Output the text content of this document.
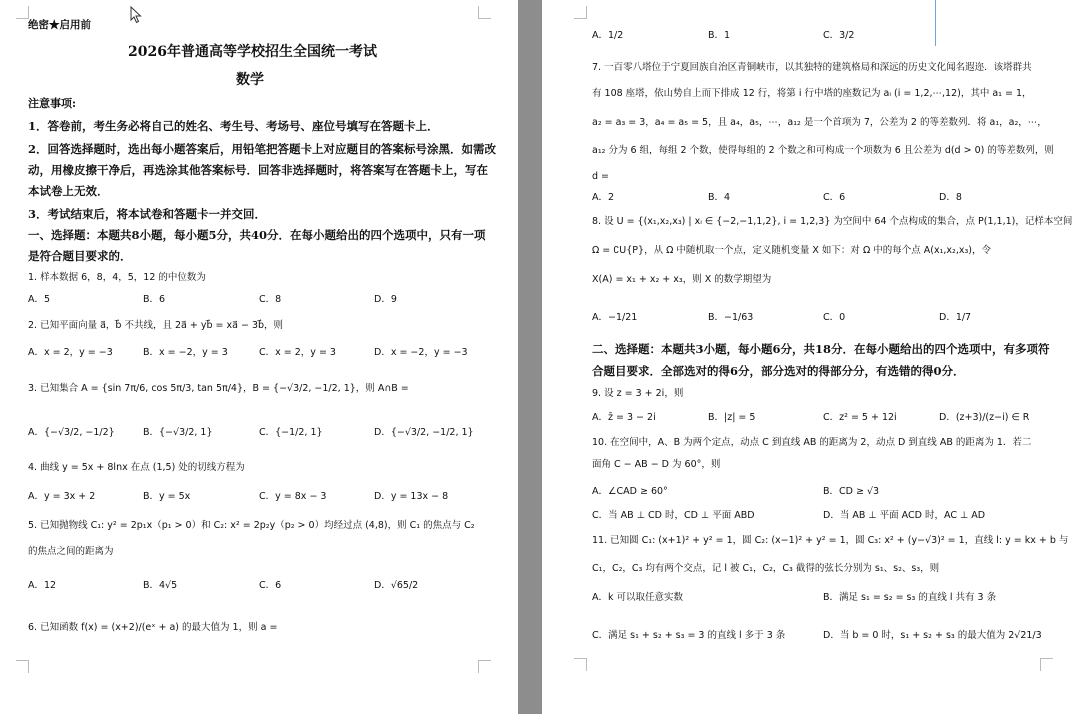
绝密★启用前
2026年普通高等学校招生全国统一考试
数学
注意事项:
1．答卷前，考生务必将自己的姓名、考生号、考场号、座位号填写在答题卡上．
2．回答选择题时，选出每小题答案后，用铅笔把答题卡上对应题目的答案标号涂黑．如需改
动，用橡皮擦干净后，再选涂其他答案标号．回答非选择题时，将答案写在答题卡上，写在
本试卷上无效．
3．考试结束后，将本试卷和答题卡一并交回．
一、选择题：本题共8小题，每小题5分，共40分．在每小题给出的四个选项中，只有一项
是符合题目要求的．
1. 样本数据 6，8，4，5，12 的中位数为
A．5	B．6	C．8	D．9
2. 已知平面向量 a⃗，b⃗ 不共线，且 2a⃗ + yb⃗ = xa⃗ − 3b⃗，则
A．x = 2，y = −3	B．x = −2，y = 3	C．x = 2，y = 3	D．x = −2，y = −3
3. 已知集合 A = {sin 7π/6, cos 5π/3, tan 5π/4}，B = {−√3/2, −1/2, 1}，则 A∩B =
A．{−√3/2, −1/2}	B．{−√3/2, 1}	C．{−1/2, 1}	D．{−√3/2, −1/2, 1}
4. 曲线 y = 5x + 8lnx 在点 (1,5) 处的切线方程为
A．y = 3x + 2	B．y = 5x	C．y = 8x − 3	D．y = 13x − 8
5. 已知抛物线 C₁: y² = 2p₁x（p₁ > 0）和 C₂: x² = 2p₂y（p₂ > 0）均经过点 (4,8)，则 C₁ 的焦点与 C₂
的焦点之间的距离为
A．12	B．4√5	C．6	D．√65/2
6. 已知函数 f(x) = (x+2)/(eˣ + a) 的最大值为 1，则 a =
A．1/2	B．1	C．3/2
7. 一百零八塔位于宁夏回族自治区青铜峡市，以其独特的建筑格局和深远的历史文化闻名遐迩．该塔群共
有 108 座塔，依山势自上而下排成 12 行，将第 i 行中塔的座数记为 aᵢ (i = 1,2,⋯,12)，其中 a₁ = 1，
a₂ = a₃ = 3，a₄ = a₅ = 5，且 a₄，a₅，⋯，a₁₂ 是一个首项为 7，公差为 2 的等差数列．将 a₁，a₂，⋯，
a₁₂ 分为 6 组，每组 2 个数，使得每组的 2 个数之和可构成一个项数为 6 且公差为 d(d > 0) 的等差数列，则
d =
A．2	B．4	C．6	D．8
8. 设 U = {(x₁,x₂,x₃) | xᵢ ∈ {−2,−1,1,2}, i = 1,2,3} 为空间中 64 个点构成的集合，点 P(1,1,1)，记样本空间
Ω = ∁U{P}，从 Ω 中随机取一个点，定义随机变量 X 如下：对 Ω 中的每个点 A(x₁,x₂,x₃)，令
X(A) = x₁ + x₂ + x₃，则 X 的数学期望为
A．−1/21	B．−1/63	C．0	D．1/7
二、选择题：本题共3小题，每小题6分，共18分．在每小题给出的四个选项中，有多项符
合题目要求．全部选对的得6分，部分选对的得部分分，有选错的得0分．
9. 设 z = 3 + 2i，则
A．z̄ = 3 − 2i	B．|z| = 5	C．z² = 5 + 12i	D．(z+3)/(z−i) ∈ R
10. 在空间中，A、B 为两个定点，动点 C 到直线 AB 的距离为 2，动点 D 到直线 AB 的距离为 1．若二
面角 C − AB − D 为 60°，则
A．∠CAD ≥ 60°	B．CD ≥ √3
C．当 AB ⊥ CD 时，CD ⊥ 平面 ABD	D．当 AB ⊥ 平面 ACD 时，AC ⊥ AD
11. 已知圆 C₁: (x+1)² + y² = 1，圆 C₂: (x−1)² + y² = 1，圆 C₃: x² + (y−√3)² = 1，直线 l: y = kx + b 与
C₁，C₂，C₃ 均有两个交点，记 l 被 C₁，C₂，C₃ 截得的弦长分别为 s₁、s₂、s₃，则
A．k 可以取任意实数	B．满足 s₁ = s₂ = s₃ 的直线 l 共有 3 条
C．满足 s₁ + s₂ + s₃ = 3 的直线 l 多于 3 条	D．当 b = 0 时，s₁ + s₂ + s₃ 的最大值为 2√21/3
